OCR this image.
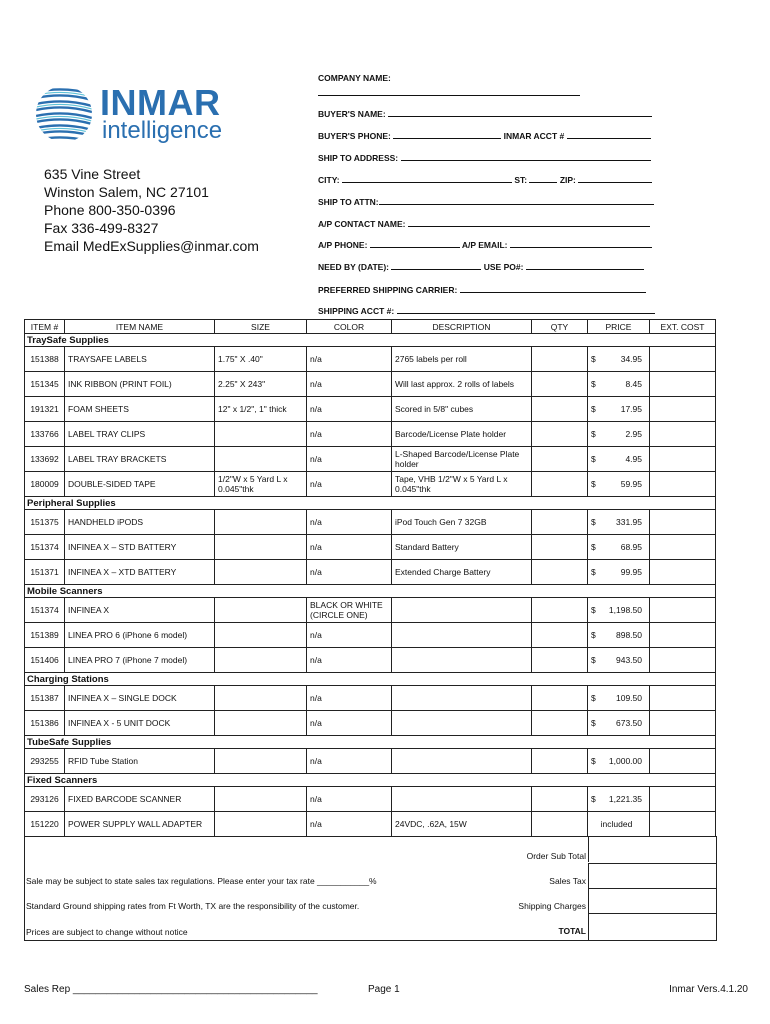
INMAR
intelligence
635 Vine Street
Winston Salem, NC 27101
Phone 800-350-0396
Fax 336-499-8327
Email MedExSupplies@inmar.com
COMPANY NAME:
BUYER'S NAME:
BUYER'S PHONE:	INMAR ACCT #
SHIP TO ADDRESS:
CITY:	ST:	ZIP:
SHIP TO ATTN:
A/P CONTACT NAME:
A/P PHONE:	A/P EMAIL:
NEED BY (DATE):	USE PO#:
PREFERRED SHIPPING CARRIER:
SHIPPING ACCT #:
ITEM #	ITEM NAME	SIZE	COLOR	DESCRIPTION	QTY	PRICE	EXT. COST
TraySafe Supplies							
151388	TRAYSAFE LABELS	1.75" X .40"	n/a	2765 labels per roll		$ 34.95	

151345	INK RIBBON (PRINT FOIL)	2.25" X 243"	n/a	Will last approx. 2 rolls of labels		$ 8.45	

191321	FOAM SHEETS	12" x 1/2", 1" thick	n/a	Scored in 5/8" cubes		$ 17.95	

133766	LABEL TRAY CLIPS		n/a	Barcode/License Plate holder		$ 2.95	

133692	LABEL TRAY BRACKETS		n/a	L-Shaped Barcode/License Plate holder		$ 4.95	

180009	DOUBLE-SIDED TAPE	1/2"W x 5 Yard L x 0.045"thk	n/a	Tape, VHB 1/2"W x 5 Yard L x 0.045"thk		$ 59.95	

Peripheral Supplies							
151375	HANDHELD iPODS		n/a	iPod Touch Gen 7 32GB		$ 331.95	

151374	INFINEA X – STD BATTERY		n/a	Standard Battery		$ 68.95	

151371	INFINEA X – XTD BATTERY		n/a	Extended Charge Battery		$ 99.95	

Mobile Scanners							
151374	INFINEA X		BLACK OR WHITE (CIRCLE ONE)			$ 1,198.50	

151389	LINEA PRO 6 (iPhone 6 model)		n/a			$ 898.50	

151406	LINEA PRO 7 (iPhone 7 model)		n/a			$ 943.50	

Charging Stations							
151387	INFINEA X – SINGLE DOCK		n/a			$ 109.50	

151386	INFINEA X - 5 UNIT DOCK		n/a			$ 673.50	

TubeSafe Supplies							
293255	RFID Tube Station		n/a			$ 1,000.00	

Fixed Scanners							
293126	FIXED BARCODE SCANNER		n/a			$ 1,221.35	

151220	POWER SUPPLY WALL ADAPTER		n/a	24VDC, .62A, 15W		included	

Order Sub Total
Sale may be subject to state sales tax regulations. Please enter your tax rate ___________%	Sales Tax
Standard Ground shipping rates from Ft Worth, TX are the responsibility of the customer.	Shipping Charges
Prices are subject to change without notice	TOTAL
Sales Rep ____________________________________________	Page 1	Inmar Vers.4.1.20
